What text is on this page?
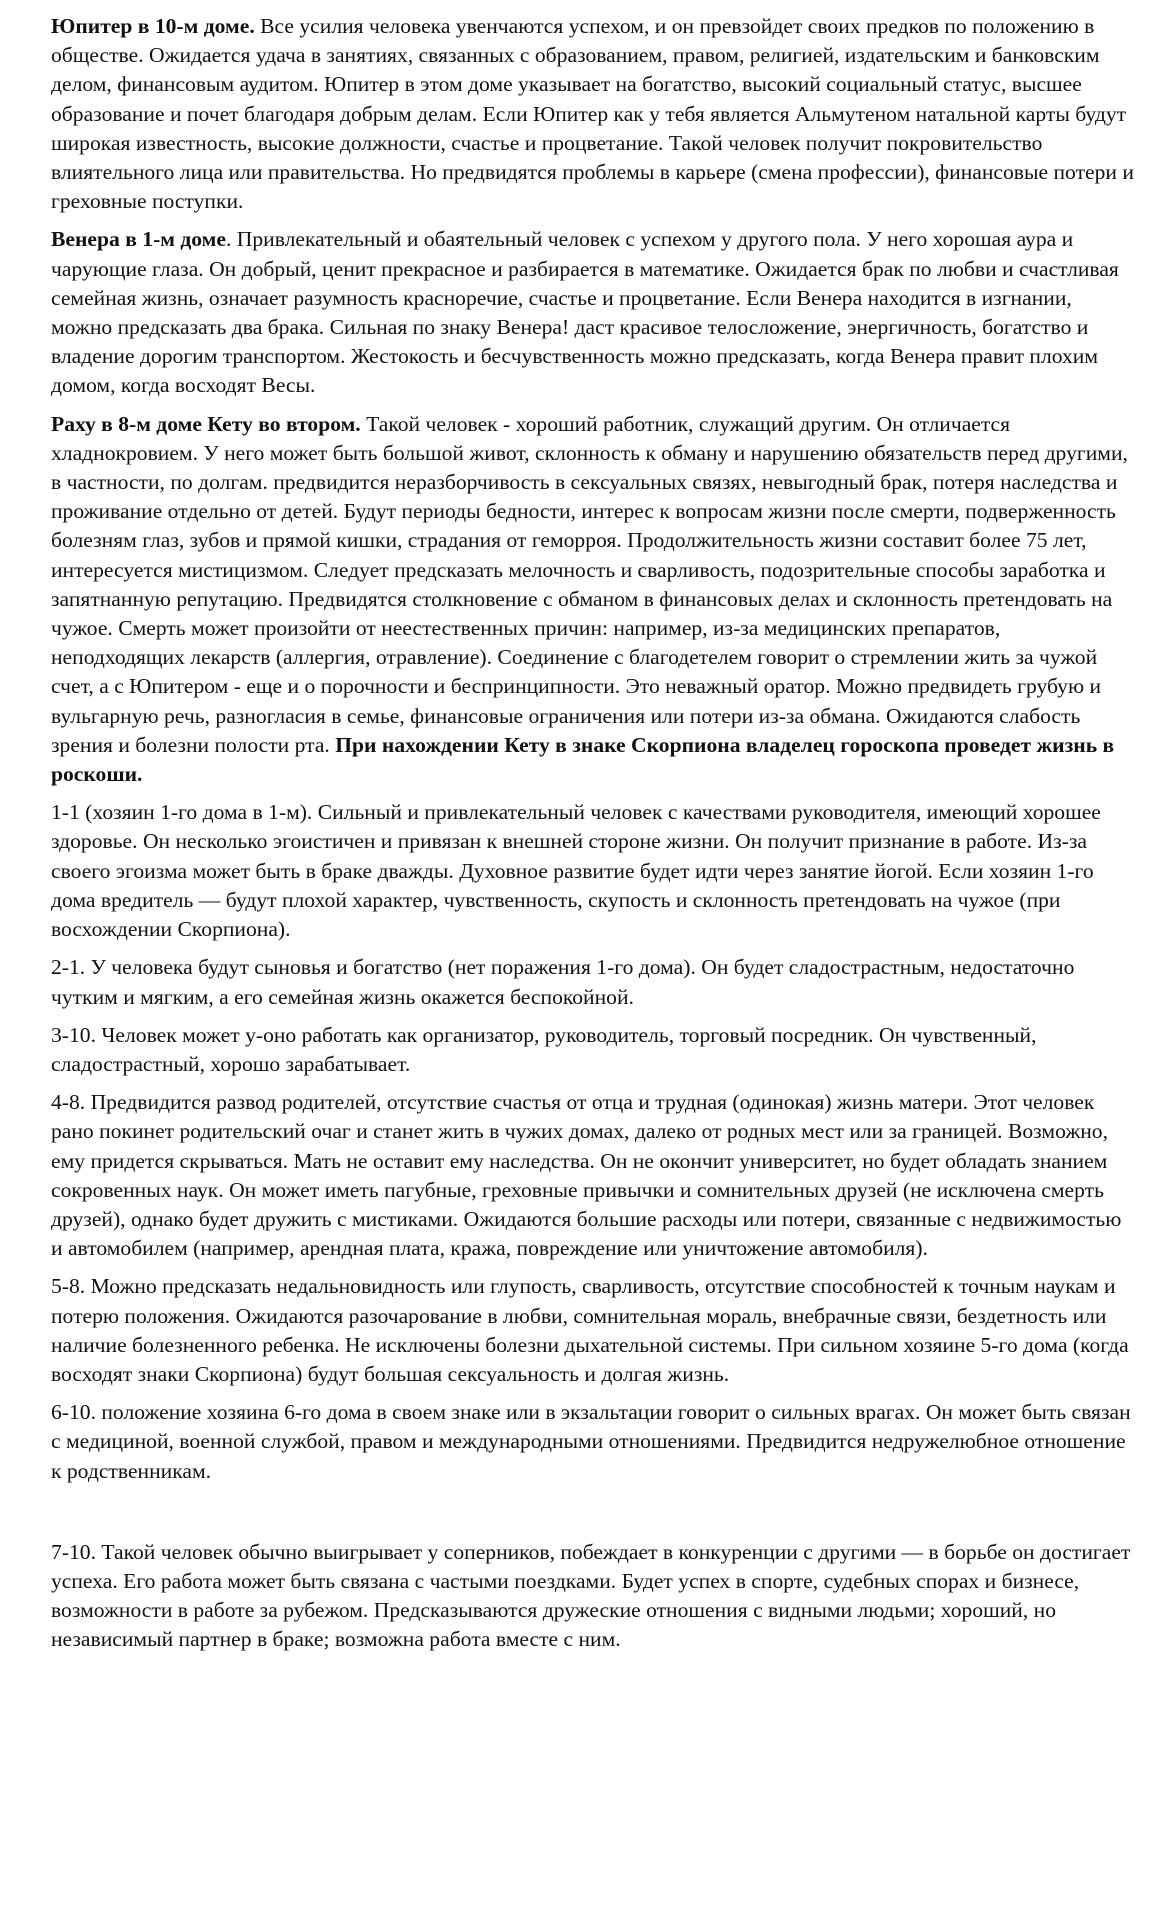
Юпитер в 10-м доме. Все усилия человека увенчаются успехом, и он превзойдет своих предков по положению в обществе. Ожидается удача в занятиях, связанных с образованием, правом, религией, издательским и банковским делом, финансовым аудитом. Юпитер в этом доме указывает на богатство, высокий социальный статус, высшее образование и почет благодаря добрым делам. Если Юпитер как у тебя является Альмутеном натальной карты будут широкая известность, высокие должности, счастье и процветание. Такой человек получит покровительство влиятельного лица или правительства. Но предвидятся проблемы в карьере (смена профессии), финансовые потери и греховные поступки.

Венера в 1-м доме. Привлекательный и обаятельный человек с успехом у другого пола. У него хорошая аура и чарующие глаза. Он добрый, ценит прекрасное и разбирается в математике. Ожидается брак по любви и счастливая семейная жизнь, означает разумность красноречие, счастье и процветание. Если Венера находится в изгнании, можно предсказать два брака. Сильная по знаку Венера! даст красивое телосложение, энергичность, богатство и владение дорогим транспортом. Жестокость и бесчувственность можно предсказать, когда Венера правит плохим домом, когда восходят Весы.

Раху в 8-м доме Кету во втором. Такой человек - хороший работник, служащий другим. Он отличается хладнокровием. У него может быть большой живот, склонность к обману и нарушению обязательств перед другими, в частности, по долгам. предвидится неразборчивость в сексуальных связях, невыгодный брак, потеря наследства и проживание отдельно от детей. Будут периоды бедности, интерес к вопросам жизни после смерти, подверженность болезням глаз, зубов и прямой кишки, страдания от геморроя. Продолжительность жизни составит более 75 лет, интересуется мистицизмом. Следует предсказать мелочность и сварливость, подозрительные способы заработка и запятнанную репутацию. Предвидятся столкновение с обманом в финансовых делах и склонность претендовать на чужое. Смерть может произойти от неестественных причин: например, из-за медицинских препаратов, неподходящих лекарств (аллергия, отравление). Соединение с благодетелем говорит о стремлении жить за чужой счет, а с Юпитером - еще и о порочности и беспринципности. Это неважный оратор. Можно предвидеть грубую и вульгарную речь, разногласия в семье, финансовые ограничения или потери из-за обмана. Ожидаются слабость зрения и болезни полости рта. При нахождении Кету в знаке Скорпиона владелец гороскопа проведет жизнь в роскоши.

1-1 (хозяин 1-го дома в 1-м). Сильный и привлекательный человек с качествами руководителя, имеющий хорошее здоровье. Он несколько эгоистичен и привязан к внешней стороне жизни. Он получит признание в работе. Из-за своего эгоизма может быть в браке дважды. Духовное развитие будет идти через занятие йогой. Если хозяин 1-го дома вредитель — будут плохой характер, чувственность, скупость и склонность претендовать на чужое (при восхождении Скорпиона).

2-1. У человека будут сыновья и богатство (нет поражения 1-го дома). Он будет сладострастным, недостаточно чутким и мягким, а его семейная жизнь окажется беспокойной.

3-10. Человек может у-оно работать как организатор, руководитель, торговый посредник. Он чувственный, сладострастный, хорошо зарабатывает.

4-8. Предвидится развод родителей, отсутствие счастья от отца и трудная (одинокая) жизнь матери. Этот человек рано покинет родительский очаг и станет жить в чужих домах, далеко от родных мест или за границей. Возможно, ему придется скрываться. Мать не оставит ему наследства. Он не окончит университет, но будет обладать знанием сокровенных наук. Он может иметь пагубные, греховные привычки и сомнительных друзей (не исключена смерть друзей), однако будет дружить с мистиками. Ожидаются большие расходы или потери, связанные с недвижимостью и автомобилем (например, арендная плата, кража, повреждение или уничтожение автомобиля).

5-8. Можно предсказать недальновидность или глупость, сварливость, отсутствие способностей к точным наукам и потерю положения. Ожидаются разочарование в любви, сомнительная мораль, внебрачные связи, бездетность или наличие болезненного ребенка. Не исключены болезни дыхательной системы. При сильном хозяине 5-го дома (когда восходят знаки Скорпиона) будут большая сексуальность и долгая жизнь.

6-10. положение хозяина 6-го дома в своем знаке или в экзальтации говорит о сильных врагах. Он может быть связан с медициной, военной службой, правом и международными отношениями. Предвидится недружелюбное отношение к родственникам.

7-10. Такой человек обычно выигрывает у соперников, побеждает в конкуренции с другими — в борьбе он достигает успеха. Его работа может быть связана с частыми поездками. Будет успех в спорте, судебных спорах и бизнесе, возможности в работе за рубежом. Предсказываются дружеские отношения с видными людьми; хороший, но независимый партнер в браке; возможна работа вместе с ним.
